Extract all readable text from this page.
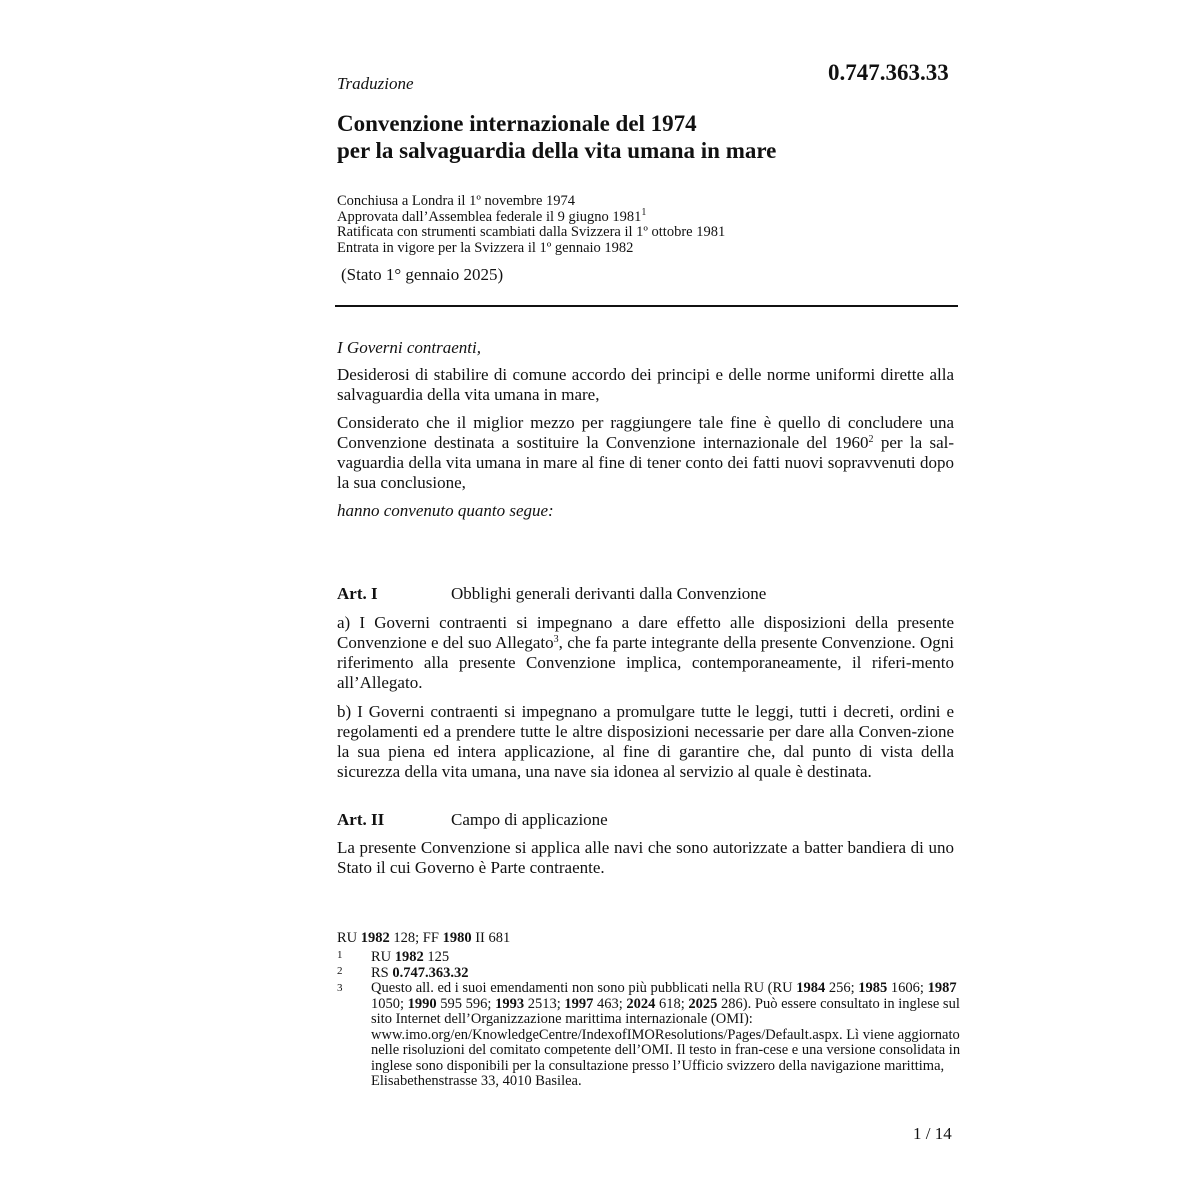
Traduzione	0.747.363.33
Convenzione internazionale del 1974
per la salvaguardia della vita umana in mare
Conchiusa a Londra il 1º novembre 1974
Approvata dall’Assemblea federale il 9 giugno 1981$^1$
Ratificata con strumenti scambiati dalla Svizzera il 1º ottobre 1981
Entrata in vigore per la Svizzera il 1º gennaio 1982
(Stato 1° gennaio 2025)
I Governi contraenti,

Desiderosi di stabilire di comune accordo dei principi e delle norme uniformi dirette alla salvaguardia della vita umana in mare,

Considerato che il miglior mezzo per raggiungere tale fine è quello di concludere una Convenzione destinata a sostituire la Convenzione internazionale del 1960$^2$ per la sal-vaguardia della vita umana in mare al fine di tener conto dei fatti nuovi sopravvenuti dopo la sua conclusione,

hanno convenuto quanto segue:
Art. I	Obblighi generali derivanti dalla Convenzione

a) I Governi contraenti si impegnano a dare effetto alle disposizioni della presente Convenzione e del suo Allegato$^3$, che fa parte integrante della presente Convenzione. Ogni riferimento alla presente Convenzione implica, contemporaneamente, il riferi-mento all’Allegato.

b) I Governi contraenti si impegnano a promulgare tutte le leggi, tutti i decreti, ordini e regolamenti ed a prendere tutte le altre disposizioni necessarie per dare alla Conven-zione la sua piena ed intera applicazione, al fine di garantire che, dal punto di vista della sicurezza della vita umana, una nave sia idonea al servizio al quale è destinata.

Art. II	Campo di applicazione

La presente Convenzione si applica alle navi che sono autorizzate a batter bandiera di uno Stato il cui Governo è Parte contraente.

RU 1982 128; FF 1980 II 681
1 RU 1982 125
2 RS 0.747.363.32
3 Questo all. ed i suoi emendamenti non sono più pubblicati nella RU (RU 1984 256; 1985 1606; 1987 1050; 1990 595 596; 1993 2513; 1997 463; 2024 618; 2025 286). Può essere consultato in inglese sul sito Internet dell’Organizzazione marittima internazionale (OMI): www.imo.org/en/KnowledgeCentre/IndexofIMOResolutions/Pages/Default.aspx. Lì viene aggiornato nelle risoluzioni del comitato competente dell’OMI. Il testo in fran-cese e una versione consolidata in inglese sono disponibili per la consultazione presso l’Ufficio svizzero della navigazione marittima, Elisabethenstrasse 33, 4010 Basilea.
1 / 14
